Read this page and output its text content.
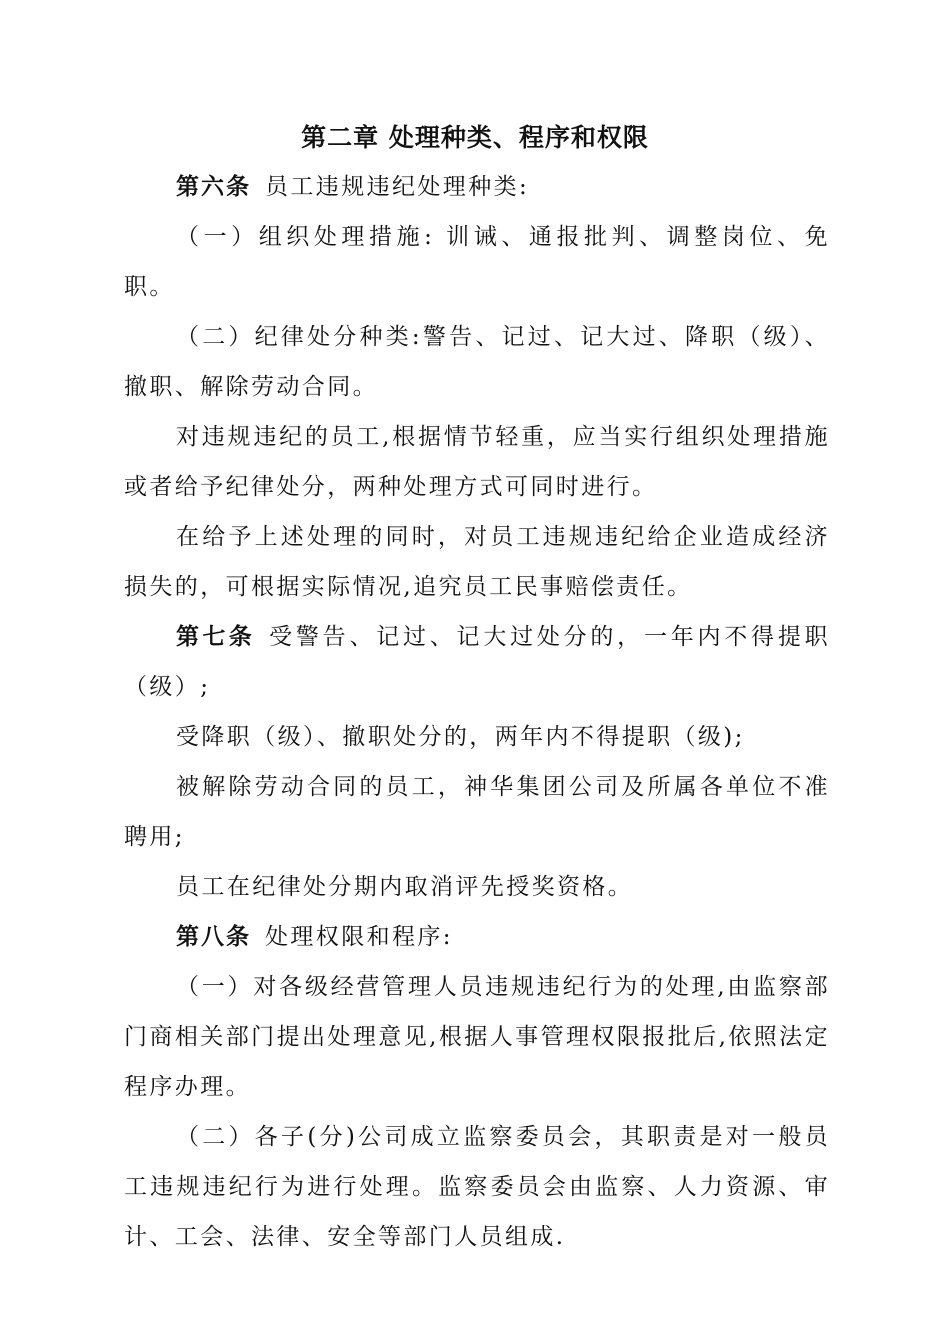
第二章 处理种类、程序和权限

第六条 员工违规违纪处理种类:

（一）组织处理措施: 训诫、通报批判、调整岗位、免职。

（二）纪律处分种类:警告、记过、记大过、降职（级）、撤职、解除劳动合同。

对违规违纪的员工,根据情节轻重，应当实行组织处理措施或者给予纪律处分，两种处理方式可同时进行。

在给予上述处理的同时，对员工违规违纪给企业造成经济损失的，可根据实际情况,追究员工民事赔偿责任。

第七条 受警告、记过、记大过处分的，一年内不得提职（级）;

受降职（级）、撤职处分的，两年内不得提职（级);

被解除劳动合同的员工，神华集团公司及所属各单位不准聘用;

员工在纪律处分期内取消评先授奖资格。

第八条 处理权限和程序:

（一）对各级经营管理人员违规违纪行为的处理,由监察部门商相关部门提出处理意见,根据人事管理权限报批后,依照法定程序办理。

（二）各子(分)公司成立监察委员会，其职责是对一般员工违规违纪行为进行处理。监察委员会由监察、人力资源、审计、工会、法律、安全等部门人员组成.
